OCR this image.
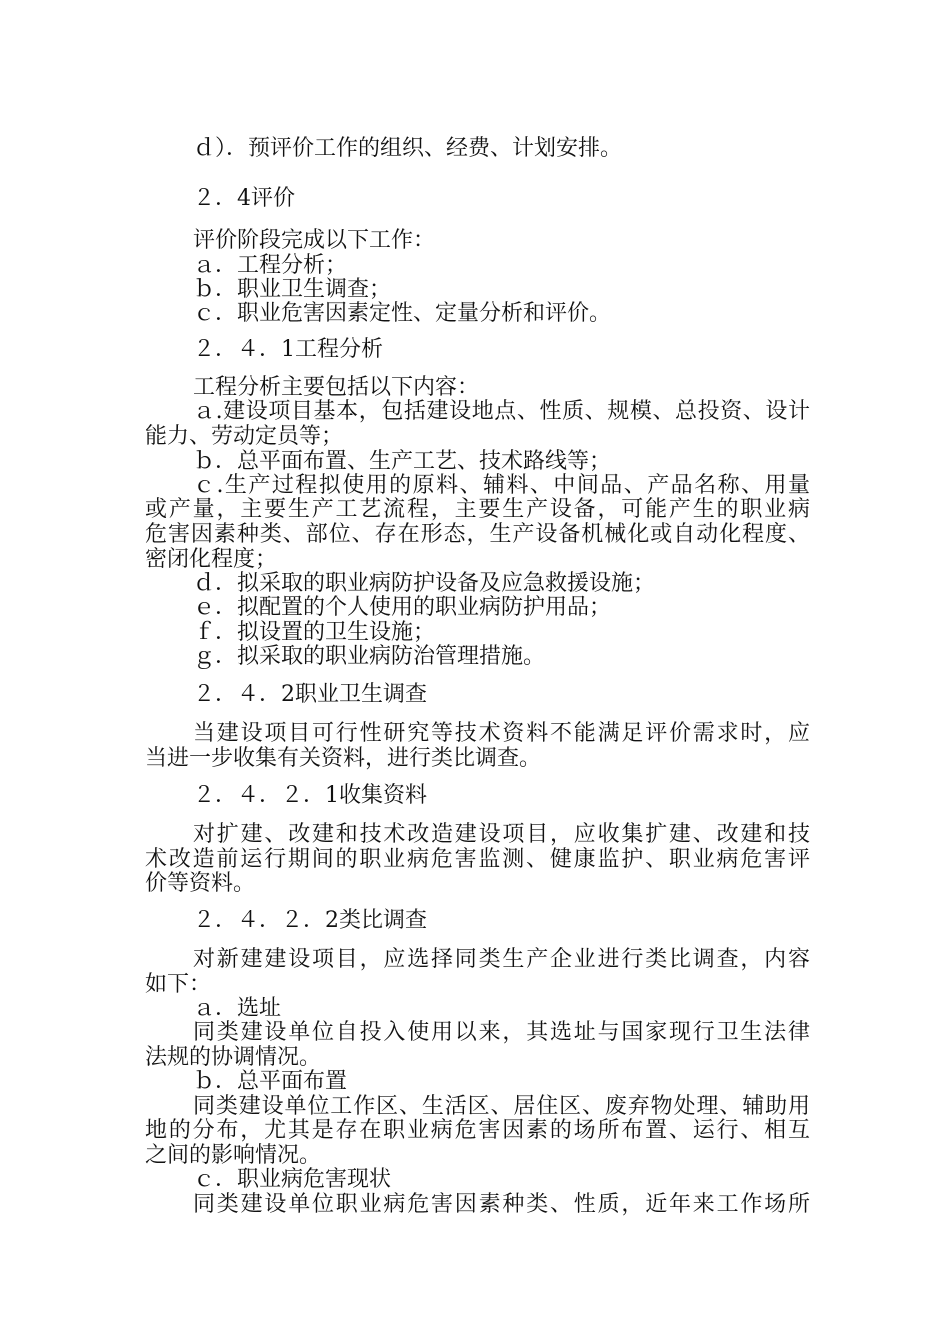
ｄ）．预评价工作的组织、经费、计划安排。
２．4评价
评价阶段完成以下工作：
ａ．工程分析；
ｂ．职业卫生调查；
ｃ．职业危害因素定性、定量分析和评价。
２．４．1工程分析
工程分析主要包括以下内容：
ａ.建设项目基本，包括建设地点、性质、规模、总投资、设计
能力、劳动定员等；
ｂ．总平面布置、生产工艺、技术路线等；
ｃ.生产过程拟使用的原料、辅料、中间品、产品名称、用量
或产量，主要生产工艺流程，主要生产设备，可能产生的职业病
危害因素种类、部位、存在形态，生产设备机械化或自动化程度、
密闭化程度；
ｄ．拟采取的职业病防护设备及应急救援设施；
ｅ．拟配置的个人使用的职业病防护用品；
ｆ．拟设置的卫生设施；
ｇ．拟采取的职业病防治管理措施。
２．４．2职业卫生调查
当建设项目可行性研究等技术资料不能满足评价需求时，应
当进一步收集有关资料，进行类比调查。
２．４．２．1收集资料
对扩建、改建和技术改造建设项目，应收集扩建、改建和技
术改造前运行期间的职业病危害监测、健康监护、职业病危害评
价等资料。
２．４．２．2类比调查
对新建建设项目，应选择同类生产企业进行类比调查，内容
如下：
ａ．选址
同类建设单位自投入使用以来，其选址与国家现行卫生法律
法规的协调情况。
ｂ．总平面布置
同类建设单位工作区、生活区、居住区、废弃物处理、辅助用
地的分布，尤其是存在职业病危害因素的场所布置、运行、相互
之间的影响情况。
ｃ．职业病危害现状
同类建设单位职业病危害因素种类、性质，近年来工作场所
